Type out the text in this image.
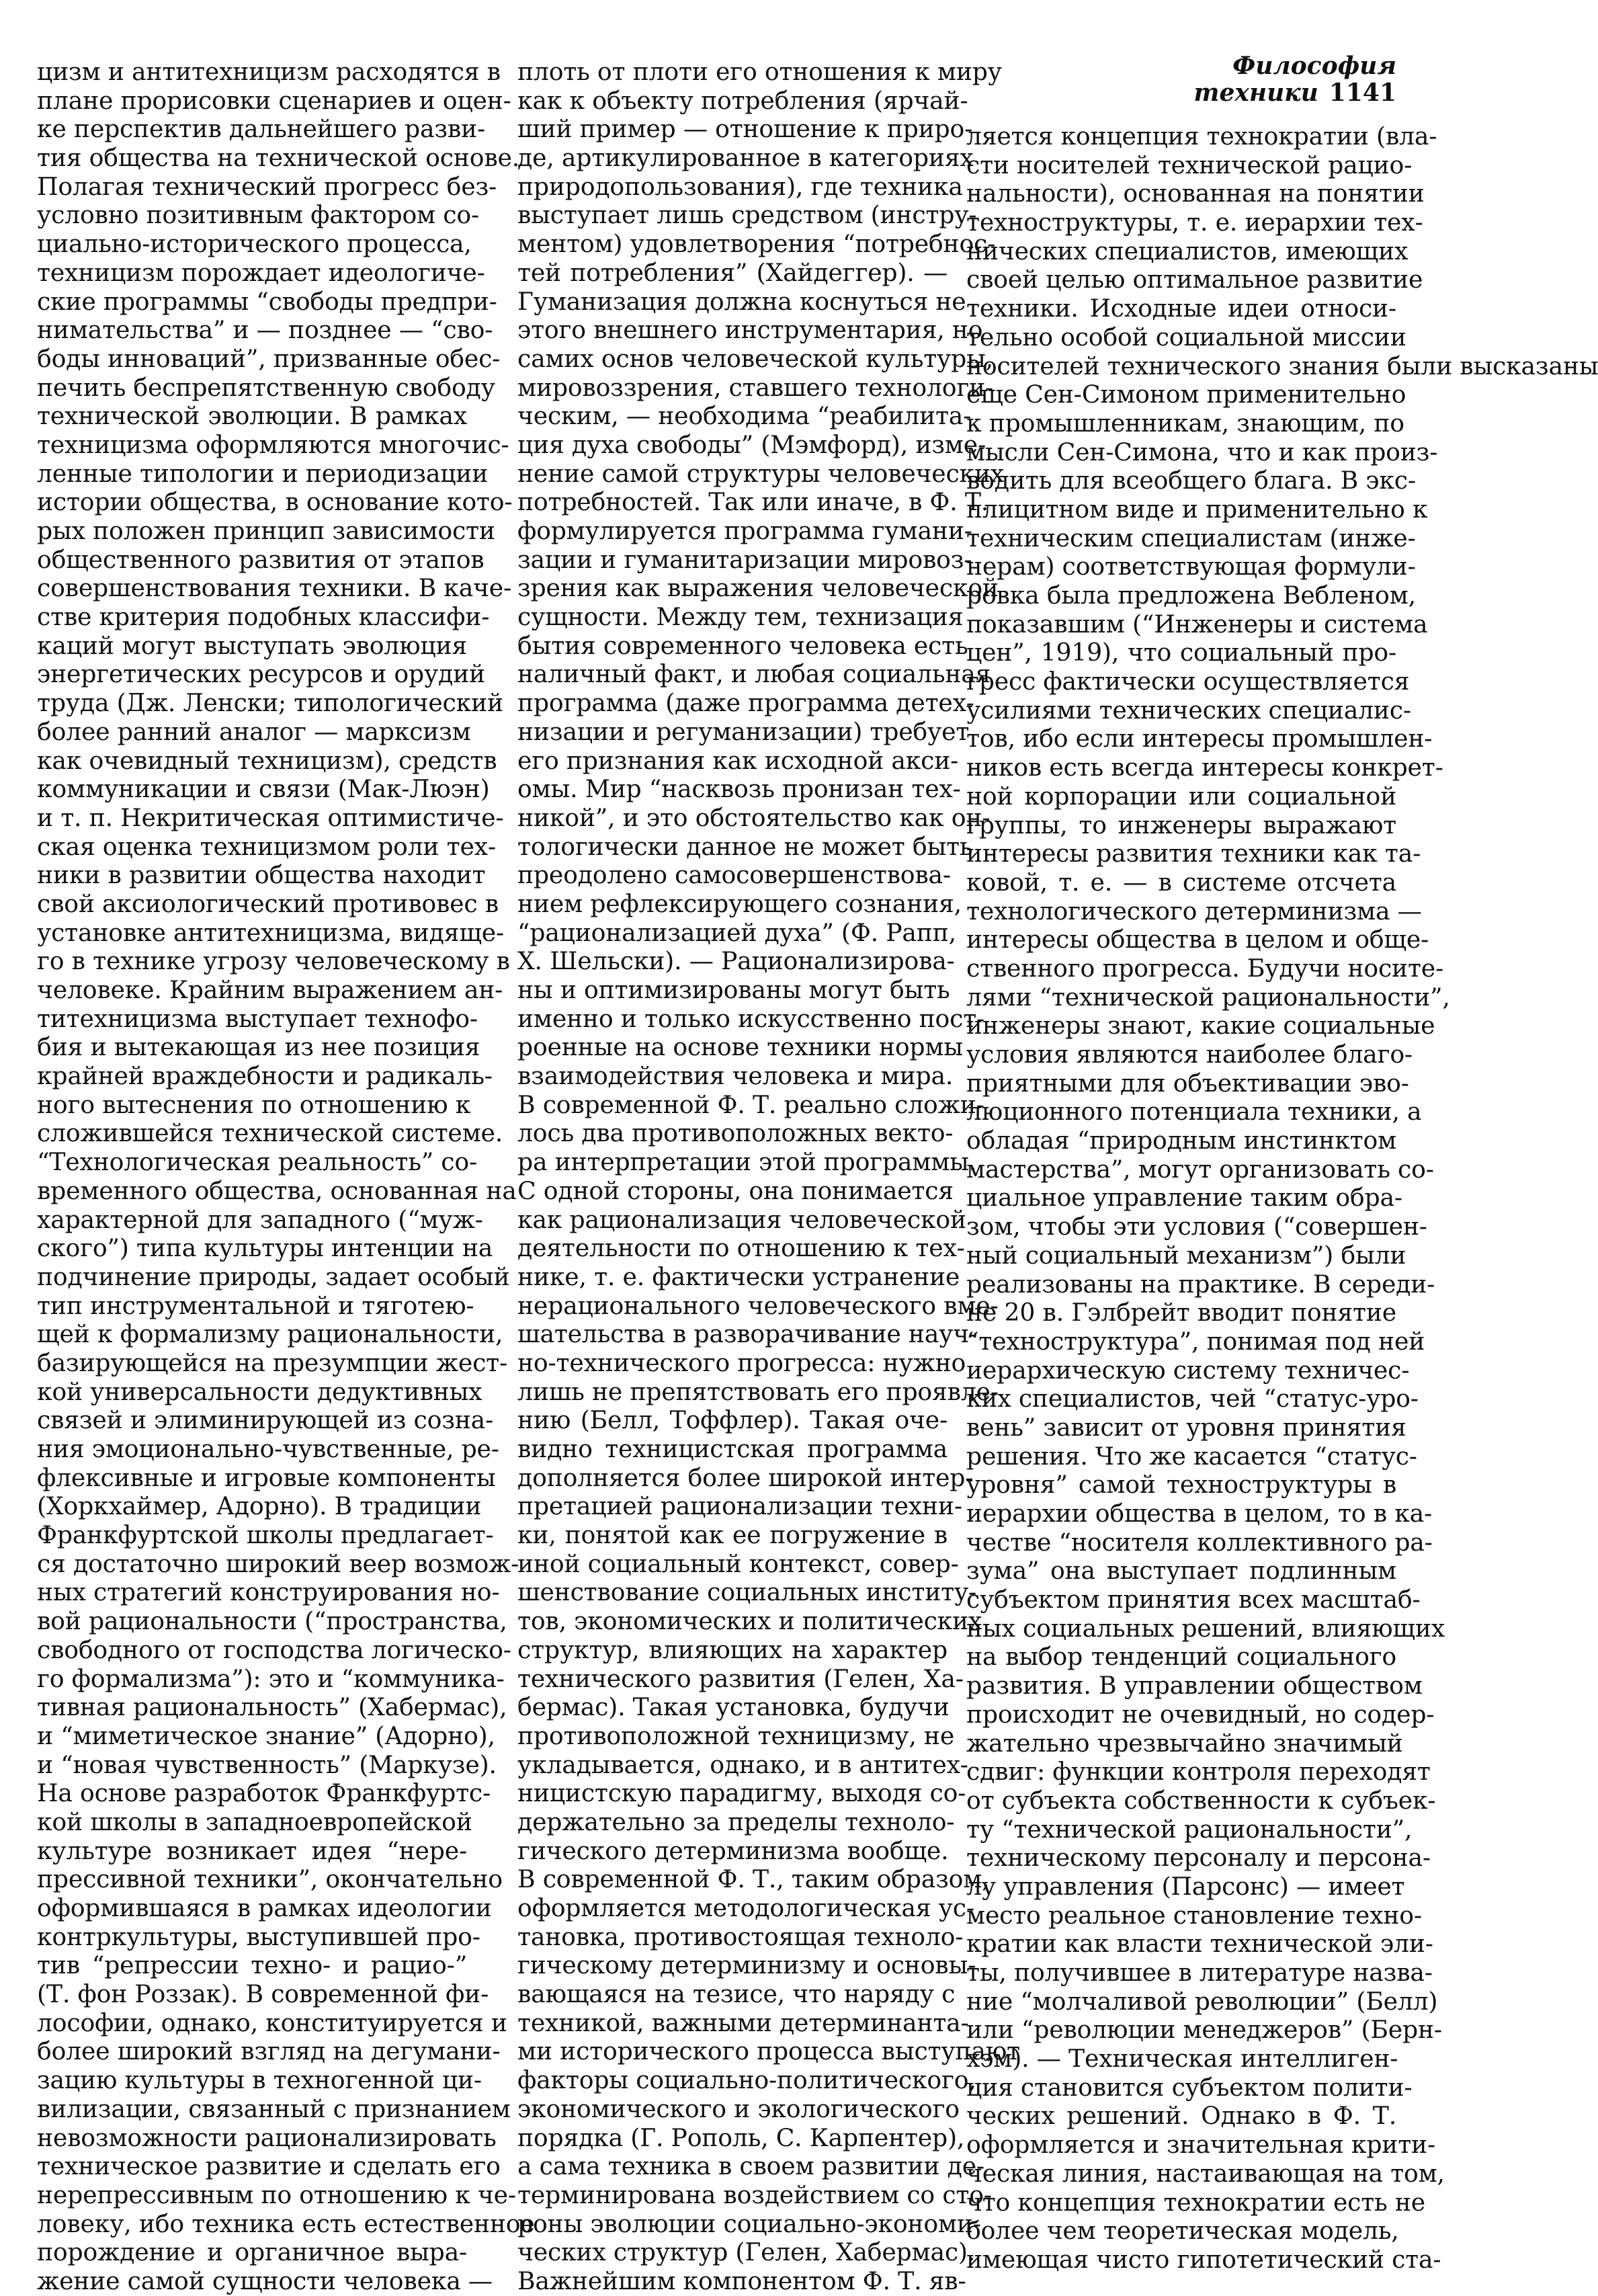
Философия техники 1141
цизм и антитехницизм расходятся в
плане прорисовки сценариев и оцен-
ке перспектив дальнейшего разви-
тия общества на технической основе.
Полагая технический прогресс без-
условно позитивным фактором со-
циально-исторического процесса,
техницизм порождает идеологиче-
ские программы “свободы предпри-
нимательства” и — позднее — “сво-
боды инноваций”, призванные обес-
печить беспрепятственную свободу
технической эволюции. В рамках
техницизма оформляются многочис-
ленные типологии и периодизации
истории общества, в основание кото-
рых положен принцип зависимости
общественного развития от этапов
совершенствования техники. В каче-
стве критерия подобных классифи-
каций могут выступать эволюция
энергетических ресурсов и орудий
труда (Дж. Ленски; типологический
более ранний аналог — марксизм
как очевидный техницизм), средств
коммуникации и связи (Мак-Люэн)
и т. п. Некритическая оптимистиче-
ская оценка техницизмом роли тех-
ники в развитии общества находит
свой аксиологический противовес в
установке антитехницизма, видяще-
го в технике угрозу человеческому в
человеке. Крайним выражением ан-
титехницизма выступает технофо-
бия и вытекающая из нее позиция
крайней враждебности и радикаль-
ного вытеснения по отношению к
сложившейся технической системе.
“Технологическая реальность” со-
временного общества, основанная на
характерной для западного (“муж-
ского”) типа культуры интенции на
подчинение природы, задает особый
тип инструментальной и тяготею-
щей к формализму рациональности,
базирующейся на презумпции жест-
кой универсальности дедуктивных
связей и элиминирующей из созна-
ния эмоционально-чувственные, ре-
флексивные и игровые компоненты
(Хоркхаймер, Адорно). В традиции
Франкфуртской школы предлагает-
ся достаточно широкий веер возмож-
ных стратегий конструирования но-
вой рациональности (“пространства,
свободного от господства логическо-
го формализма”): это и “коммуника-
тивная рациональность” (Хабермас),
и “миметическое знание” (Адорно),
и “новая чувственность” (Маркузе).
На основе разработок Франкфуртс-
кой школы в западноевропейской
культуре возникает идея “нере-
прессивной техники”, окончательно
оформившаяся в рамках идеологии
контркультуры, выступившей про-
тив “репрессии техно- и рацио-”
(Т. фон Роззак). В современной фи-
лософии, однако, конституируется и
более широкий взгляд на дегумани-
зацию культуры в техногенной ци-
вилизации, связанный с признанием
невозможности рационализировать
техническое развитие и сделать его
нерепрессивным по отношению к че-
ловеку, ибо техника есть естественное
порождение и органичное выра-
жение самой сущности человека —
плоть от плоти его отношения к миру
как к объекту потребления (ярчай-
ший пример — отношение к приро-
де, артикулированное в категориях
природопользования), где техника
выступает лишь средством (инстру-
ментом) удовлетворения “потребнос-
тей потребления” (Хайдеггер). —
Гуманизация должна коснуться не
этого внешнего инструментария, но
самих основ человеческой культуры,
мировоззрения, ставшего технологи-
ческим, — необходима “реабилита-
ция духа свободы” (Мэмфорд), изме-
нение самой структуры человеческих
потребностей. Так или иначе, в Ф. Т.
формулируется программа гумани-
зации и гуманитаризации мировоз-
зрения как выражения человеческой
сущности. Между тем, технизация
бытия современного человека есть
наличный факт, и любая социальная
программа (даже программа детех-
низации и регуманизации) требует
его признания как исходной акси-
омы. Мир “насквозь пронизан тех-
никой”, и это обстоятельство как он-
тологически данное не может быть
преодолено самосовершенствова-
нием рефлексирующего сознания,
“рационализацией духа” (Ф. Рапп,
Х. Шельски). — Рационализирова-
ны и оптимизированы могут быть
именно и только искусственно пост-
роенные на основе техники нормы
взаимодействия человека и мира.
В современной Ф. Т. реально сложи-
лось два противоположных векто-
ра интерпретации этой программы.
С одной стороны, она понимается
как рационализация человеческой
деятельности по отношению к тех-
нике, т. е. фактически устранение
нерационального человеческого вме-
шательства в разворачивание науч-
но-технического прогресса: нужно
лишь не препятствовать его проявле-
нию (Белл, Тоффлер). Такая оче-
видно техницистская программа
дополняется более широкой интер-
претацией рационализации техни-
ки, понятой как ее погружение в
иной социальный контекст, совер-
шенствование социальных институ-
тов, экономических и политических
структур, влияющих на характер
технического развития (Гелен, Ха-
бермас). Такая установка, будучи
противоположной техницизму, не
укладывается, однако, и в антитех-
ницистскую парадигму, выходя со-
держательно за пределы техноло-
гического детерминизма вообще.
В современной Ф. Т., таким образом,
оформляется методологическая ус-
тановка, противостоящая техноло-
гическому детерминизму и основы-
вающаяся на тезисе, что наряду с
техникой, важными детерминанта-
ми исторического процесса выступают
факторы социально-политического,
экономического и экологического
порядка (Г. Рополь, С. Карпентер),
а сама техника в своем развитии де-
терминирована воздействием со сто-
роны эволюции социально-экономи-
ческих структур (Гелен, Хабермас).
Важнейшим компонентом Ф. Т. яв-
ляется концепция технократии (вла-
сти носителей технической рацио-
нальности), основанная на понятии
техноструктуры, т. е. иерархии тех-
нических специалистов, имеющих
своей целью оптимальное развитие
техники. Исходные идеи относи-
тельно особой социальной миссии
носителей технического знания были высказаны
еще Сен-Симоном применительно
к промышленникам, знающим, по
мысли Сен-Симона, что и как произ-
водить для всеобщего блага. В экс-
плицитном виде и применительно к
техническим специалистам (инже-
нерам) соответствующая формули-
ровка была предложена Вебленом,
показавшим (“Инженеры и система
цен”, 1919), что социальный про-
гресс фактически осуществляется
усилиями технических специалис-
тов, ибо если интересы промышлен-
ников есть всегда интересы конкрет-
ной корпорации или социальной
группы, то инженеры выражают
интересы развития техники как та-
ковой, т. е. — в системе отсчета
технологического детерминизма —
интересы общества в целом и обще-
ственного прогресса. Будучи носите-
лями “технической рациональности”,
инженеры знают, какие социальные
условия являются наиболее благо-
приятными для объективации эво-
люционного потенциала техники, а
обладая “природным инстинктом
мастерства”, могут организовать со-
циальное управление таким обра-
зом, чтобы эти условия (“совершен-
ный социальный механизм”) были
реализованы на практике. В середи-
не 20 в. Гэлбрейт вводит понятие
“техноструктура”, понимая под ней
иерархическую систему техничес-
ких специалистов, чей “статус-уро-
вень” зависит от уровня принятия
решения. Что же касается “статус-
уровня” самой техноструктуры в
иерархии общества в целом, то в ка-
честве “носителя коллективного ра-
зума” она выступает подлинным
субъектом принятия всех масштаб-
ных социальных решений, влияющих
на выбор тенденций социального
развития. В управлении обществом
происходит не очевидный, но содер-
жательно чрезвычайно значимый
сдвиг: функции контроля переходят
от субъекта собственности к субъек-
ту “технической рациональности”,
техническому персоналу и персона-
лу управления (Парсонс) — имеет
место реальное становление техно-
кратии как власти технической эли-
ты, получившее в литературе назва-
ние “молчаливой революции” (Белл)
или “революции менеджеров” (Берн-
хэм). — Техническая интеллиген-
ция становится субъектом полити-
ческих решений. Однако в Ф. Т.
оформляется и значительная крити-
ческая линия, настаивающая на том,
что концепция технократии есть не
более чем теоретическая модель,
имеющая чисто гипотетический ста-
